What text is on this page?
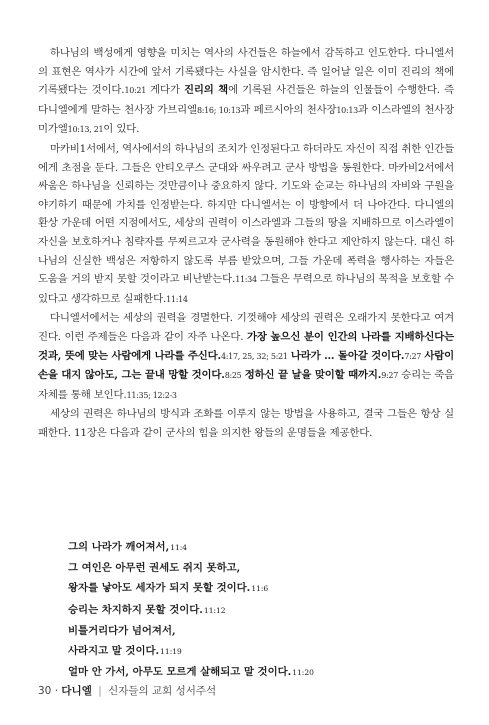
하나님의 백성에게 영향을 미치는 역사의 사건들은 하늘에서 감독하고 인도한다. 다니엘서의 표현은 역사가 시간에 앞서 기록됐다는 사실을 암시한다. 즉 일어날 일은 이미 진리의 책에 기록됐다는 것이다.10:21 게다가 진리의 책에 기록된 사건들은 하늘의 인물들이 수행한다. 즉 다니엘에게 말하는 천사장 가브리엘8:16; 10:13과 페르시아의 천사장10:13과 이스라엘의 천사장 미가엘10:13, 21이 있다.

마카비1서에서, 역사에서의 하나님의 조치가 인정된다고 하더라도 자신이 직접 취한 인간들에게 초점을 둔다. 그들은 안티오쿠스 군대와 싸우려고 군사 방법을 동원한다. 마카비2서에서 싸움은 하나님을 신뢰하는 것만큼이나 중요하지 않다. 기도와 순교는 하나님의 자비와 구원을 야기하기 때문에 가치를 인정받는다. 하지만 다니엘서는 이 방향에서 더 나아간다. 다니엘의 환상 가운데 어떤 지점에서도, 세상의 권력이 이스라엘과 그들의 땅을 지배하므로 이스라엘이 자신을 보호하거나 침략자를 무찌르고자 군사력을 동원해야 한다고 제안하지 않는다. 대신 하나님의 신실한 백성은 저항하지 않도록 부름 받았으며, 그들 가운데 폭력을 행사하는 자들은 도움을 거의 받지 못할 것이라고 비난받는다.11:34 그들은 무력으로 하나님의 목적을 보호할 수 있다고 생각하므로 실패한다.11:14

다니엘서에서는 세상의 권력을 경멸한다. 기껏해야 세상의 권력은 오래가지 못한다고 여겨진다. 이런 주제들은 다음과 같이 자주 나온다. 가장 높으신 분이 인간의 나라를 지배하신다는 것과, 뜻에 맞는 사람에게 나라를 주신다.4:17, 25, 32; 5:21 나라가 … 돌아갈 것이다.7:27 사람이 손을 대지 않아도, 그는 끝내 망할 것이다.8:25 정하신 끝 날을 맞이할 때까지.9:27 승리는 죽음 자체를 통해 보인다.11:35; 12:2-3

세상의 권력은 하나님의 방식과 조화를 이루지 않는 방법을 사용하고, 결국 그들은 항상 실패한다. 11장은 다음과 같이 군사의 힘을 의지한 왕들의 운명들을 제공한다.

그의 나라가 깨어져서,11:4
그 여인은 아무런 권세도 쥐지 못하고,
왕자를 낳아도 세자가 되지 못할 것이다.11:6
승리는 차지하지 못할 것이다.11:12
비틀거리다가 넘어져서,
사라지고 말 것이다.11:19
얼마 안 가서, 아무도 모르게 살해되고 말 것이다.11:20
30 · 다니엘 | 신자들의 교회 성서주석
